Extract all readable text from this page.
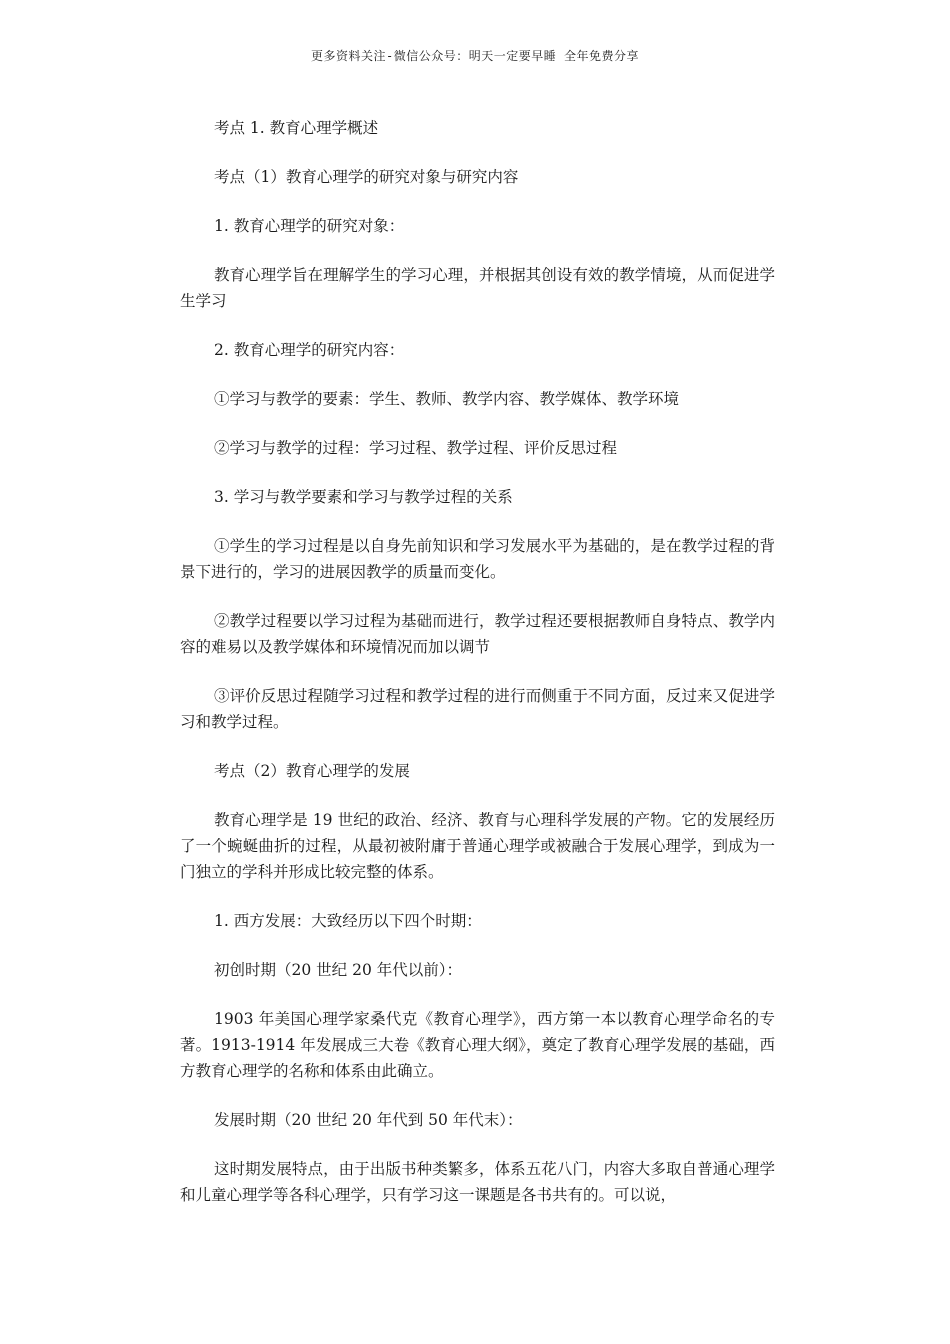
更多资料关注-微信公众号：明天一定要早睡 全年免费分享

考点 1. 教育心理学概述

考点（1）教育心理学的研究对象与研究内容

1. 教育心理学的研究对象：

教育心理学旨在理解学生的学习心理，并根据其创设有效的教学情境，从而促进学生学习

2. 教育心理学的研究内容：

①学习与教学的要素：学生、教师、教学内容、教学媒体、教学环境

②学习与教学的过程：学习过程、教学过程、评价反思过程

3. 学习与教学要素和学习与教学过程的关系

①学生的学习过程是以自身先前知识和学习发展水平为基础的，是在教学过程的背景下进行的，学习的进展因教学的质量而变化。

②教学过程要以学习过程为基础而进行，教学过程还要根据教师自身特点、教学内容的难易以及教学媒体和环境情况而加以调节

③评价反思过程随学习过程和教学过程的进行而侧重于不同方面，反过来又促进学习和教学过程。

考点（2）教育心理学的发展

教育心理学是 19 世纪的政治、经济、教育与心理科学发展的产物。它的发展经历了一个蜿蜒曲折的过程，从最初被附庸于普通心理学或被融合于发展心理学，到成为一门独立的学科并形成比较完整的体系。

1. 西方发展：大致经历以下四个时期：

初创时期（20 世纪 20 年代以前）：

1903 年美国心理学家桑代克《教育心理学》，西方第一本以教育心理学命名的专著。1913-1914 年发展成三大卷《教育心理大纲》，奠定了教育心理学发展的基础，西方教育心理学的名称和体系由此确立。

发展时期（20 世纪 20 年代到 50 年代末）：

这时期发展特点，由于出版书种类繁多，体系五花八门，内容大多取自普通心理学和儿童心理学等各科心理学，只有学习这一课题是各书共有的。可以说，
